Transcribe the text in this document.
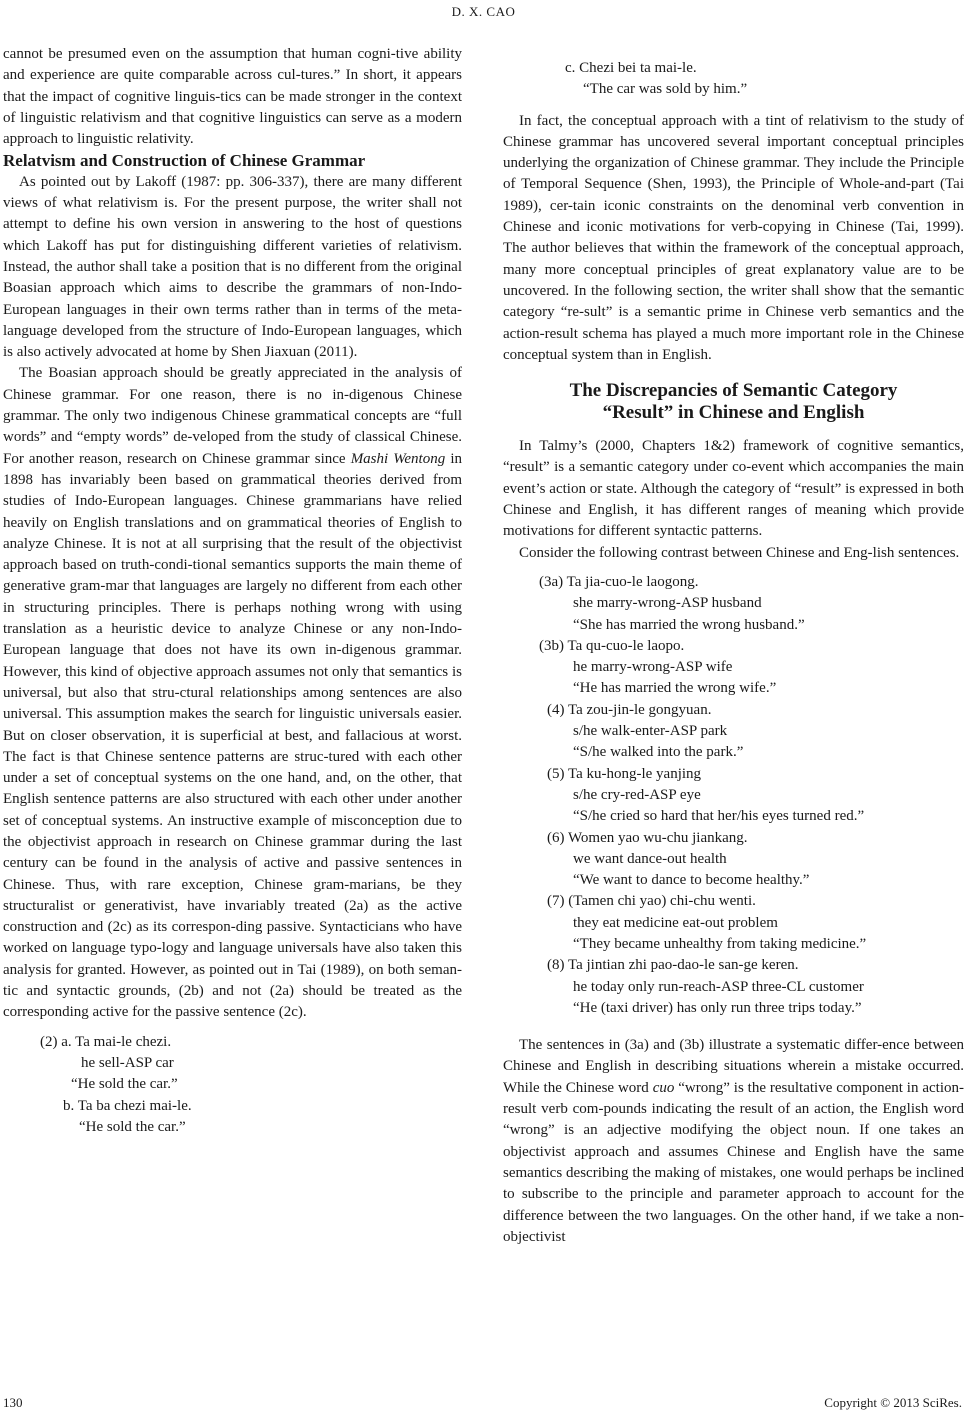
D. X. CAO

cannot be presumed even on the assumption that human cogni-tive ability and experience are quite comparable across cul-tures.” In short, it appears that the impact of cognitive linguis-tics can be made stronger in the context of linguistic relativism and that cognitive linguistics can serve as a modern approach to linguistic relativity.

Relatvism and Construction of Chinese Grammar

As pointed out by Lakoff (1987: pp. 306-337), there are many different views of what relativism is. For the present purpose, the writer shall not attempt to define his own version in answering to the host of questions which Lakoff has put for distinguishing different varieties of relativism. Instead, the author shall take a position that is no different from the original Boasian approach which aims to describe the grammars of non-Indo-European languages in their own terms rather than in terms of the meta-language developed from the structure of Indo-European languages, which is also actively advocated at home by Shen Jiaxuan (2011).

The Boasian approach should be greatly appreciated in the analysis of Chinese grammar. For one reason, there is no in-digenous Chinese grammar. The only two indigenous Chinese grammatical concepts are “full words” and “empty words” de-veloped from the study of classical Chinese. For another reason, research on Chinese grammar since Mashi Wentong in 1898 has invariably been based on grammatical theories derived from studies of Indo-European languages. Chinese grammarians have relied heavily on English translations and on grammatical theories of English to analyze Chinese. It is not at all surprising that the result of the objectivist approach based on truth-condi-tional semantics supports the main theme of generative gram-mar that languages are largely no different from each other in structuring principles. There is perhaps nothing wrong with using translation as a heuristic device to analyze Chinese or any non-Indo-European language that does not have its own in-digenous grammar. However, this kind of objective approach assumes not only that semantics is universal, but also that stru-ctural relationships among sentences are also universal. This assumption makes the search for linguistic universals easier. But on closer observation, it is superficial at best, and fallacious at worst. The fact is that Chinese sentence patterns are struc-tured with each other under a set of conceptual systems on the one hand, and, on the other, that English sentence patterns are also structured with each other under another set of conceptual systems. An instructive example of misconception due to the objectivist approach in research on Chinese grammar during the last century can be found in the analysis of active and passive sentences in Chinese. Thus, with rare exception, Chinese gram-marians, be they structuralist or generativist, have invariably treated (2a) as the active construction and (2c) as its correspon-ding passive. Syntacticians who have worked on language typo-logy and language universals have also taken this analysis for granted. However, as pointed out in Tai (1989), on both seman-tic and syntactic grounds, (2b) and not (2a) should be treated as the corresponding active for the passive sentence (2c).

(2) a. Ta mai-le chezi.

he sell-ASP car

“He sold the car.”

b. Ta ba chezi mai-le.

“He sold the car.”

c. Chezi bei ta mai-le.

“The car was sold by him.”

In fact, the conceptual approach with a tint of relativism to the study of Chinese grammar has uncovered several important conceptual principles underlying the organization of Chinese grammar. They include the Principle of Temporal Sequence (Shen, 1993), the Principle of Whole-and-part (Tai 1989), cer-tain iconic constraints on the denominal verb convention in Chinese and iconic motivations for verb-copying in Chinese (Tai, 1999). The author believes that within the framework of the conceptual approach, many more conceptual principles of great explanatory value are to be uncovered. In the following section, the writer shall show that the semantic category “re-sult” is a semantic prime in Chinese verb semantics and the action-result schema has played a much more important role in the Chinese conceptual system than in English.

The Discrepancies of Semantic Category
“Result” in Chinese and English

In Talmy’s (2000, Chapters 1&2) framework of cognitive semantics, “result” is a semantic category under co-event which accompanies the main event’s action or state. Although the category of “result” is expressed in both Chinese and English, it has different ranges of meaning which provide motivations for different syntactic patterns.

Consider the following contrast between Chinese and Eng-lish sentences.

(3a) Ta jia-cuo-le laogong.

she marry-wrong-ASP husband

“She has married the wrong husband.”

(3b) Ta qu-cuo-le laopo.

he marry-wrong-ASP wife

“He has married the wrong wife.”

(4) Ta zou-jin-le gongyuan.

s/he walk-enter-ASP park

“S/he walked into the park.”

(5) Ta ku-hong-le yanjing

s/he cry-red-ASP eye

“S/he cried so hard that her/his eyes turned red.”

(6) Women yao wu-chu jiankang.

we want dance-out health

“We want to dance to become healthy.”

(7) (Tamen chi yao) chi-chu wenti.

they eat medicine eat-out problem

“They became unhealthy from taking medicine.”

(8) Ta jintian zhi pao-dao-le san-ge keren.

he today only run-reach-ASP three-CL customer

“He (taxi driver) has only run three trips today.”

The sentences in (3a) and (3b) illustrate a systematic differ-ence between Chinese and English in describing situations wherein a mistake occurred. While the Chinese word cuo “wrong” is the resultative component in action-result verb com-pounds indicating the result of an action, the English word “wrong” is an adjective modifying the object noun. If one takes an objectivist approach and assumes Chinese and English have the same semantics describing the making of mistakes, one would perhaps be inclined to subscribe to the principle and parameter approach to account for the difference between the two languages. On the other hand, if we take a non-objectivist

130	Copyright © 2013 SciRes.
